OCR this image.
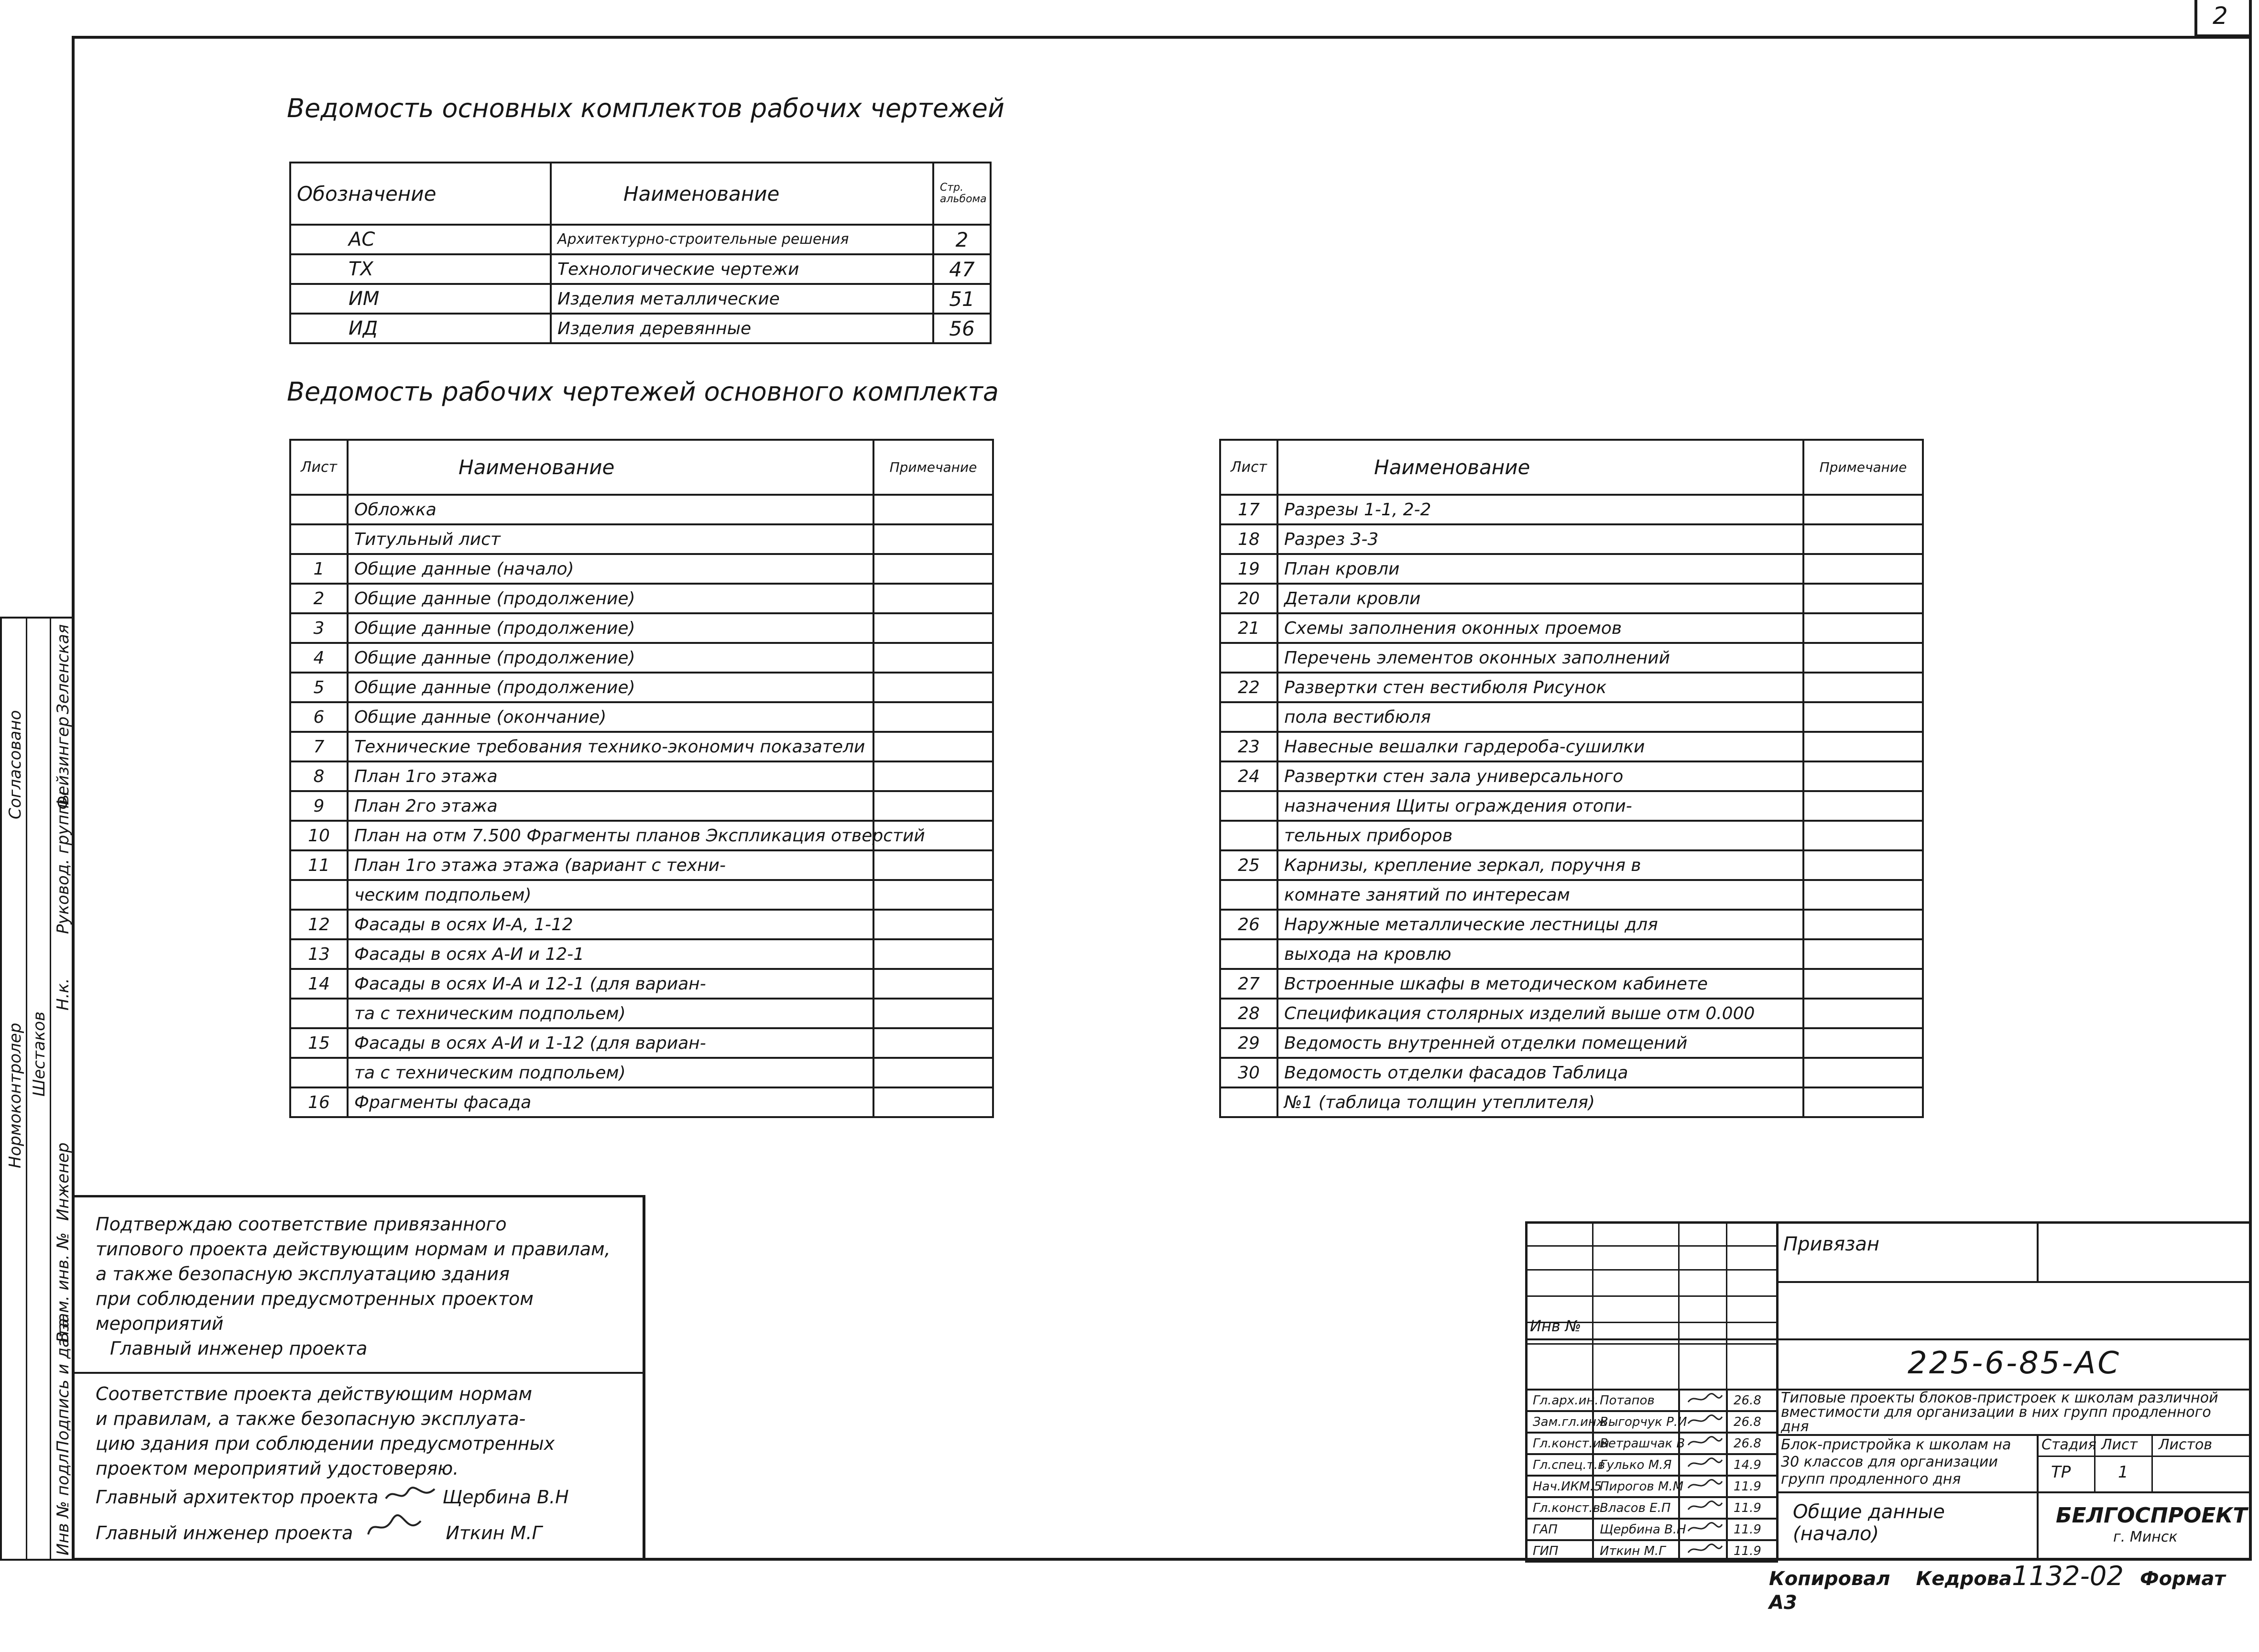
2
Ведомость основных комплектов рабочих чертежей
Обозначение	Наименование	Стр. альбома
АС	Архитектурно-строительные решения	2
ТХ	Технологические чертежи	47
ИМ	Изделия металлические	51
ИД	Изделия деревянные	56
Ведомость рабочих чертежей основного комплекта
Лист	Наименование	Примечание
	Обложка	
	Титульный лист	
1	Общие данные (начало)	
2	Общие данные (продолжение)	
3	Общие данные (продолжение)	
4	Общие данные (продолжение)	
5	Общие данные (продолжение)	
6	Общие данные (окончание)	
7	Технические требования технико-экономич показатели	
8	План 1го этажа	
9	План 2го этажа	
10	План на отм 7.500 Фрагменты планов Экспликация отверстий	
11	План 1го этажа этажа (вариант с техни-	
	ческим подпольем)	
12	Фасады в осях И-А, 1-12	
13	Фасады в осях А-И и 12-1	
14	Фасады в осях И-А и 12-1 (для вариан-	
	та с техническим подпольем)	
15	Фасады в осях А-И и 1-12 (для вариан-	
	та с техническим подпольем)	
16	Фрагменты фасада	
Лист	Наименование	Примечание
17	Разрезы 1-1, 2-2	
18	Разрез 3-3	
19	План кровли	
20	Детали кровли	
21	Схемы заполнения оконных проемов	
	Перечень элементов оконных заполнений	
22	Развертки стен вестибюля Рисунок	
	пола вестибюля	
23	Навесные вешалки гардероба-сушилки	
24	Развертки стен зала универсального	
	назначения Щиты ограждения отопи-	
	тельных приборов	
25	Карнизы, крепление зеркал, поручня в	
	комнате занятий по интересам	
26	Наружные металлические лестницы для	
	выхода на кровлю	
27	Встроенные шкафы в методическом кабинете	
28	Спецификация столярных изделий выше отм 0.000	
29	Ведомость внутренней отделки помещений	
30	Ведомость отделки фасадов Таблица	
	№1 (таблица толщин утеплителя)	
Подтверждаю соответствие привязанного
типового проекта действующим нормам и правилам,
а также безопасную эксплуатацию здания
при соблюдении предусмотренных проектом
мероприятий
Главный инженер проекта
Соответствие проекта действующим нормам
и правилам, а также безопасную эксплуата-
цию здания при соблюдении предусмотренных
проектом мероприятий удостоверяю.
Главный архитектор проекта	Щербина В.Н
Главный инженер проекта	Иткин М.Г
Инв № подл.
Подпись и дата
Взам. инв. №
Инженер
Нормоконтролер Шестаков
Н.к.
Руковод. группы
Фейзингер
Согласовано
Зеленская
Привязан
Инв №
225-6-85-АС
Гл.арх.ин.	Потапов		26.8
Зам.гл.инж	Выгорчук Р.И		26.8
Гл.конст.ин	Ветрашчак В		26.8
Гл.спец.т.в	Гулько М.Я		14.9
Нач.ИКМ.5	Пирогов М.М		11.9
Гл.конст.в	Власов Е.П		11.9
ГАП	Щербина В.Н		11.9
ГИП	Иткин М.Г		11.9
Типовые проекты блоков-пристроек к школам различной вместимости для организации в них групп продленного дня
Блок-пристройка к школам на 30 классов для организации групп продленного дня
Стадия Лист Листов
ТР	1
Общие данные (начало)
БЕЛГОСПРОЕКТ
г. Минск
Копировал Кедрова1132-02 Формат А3
